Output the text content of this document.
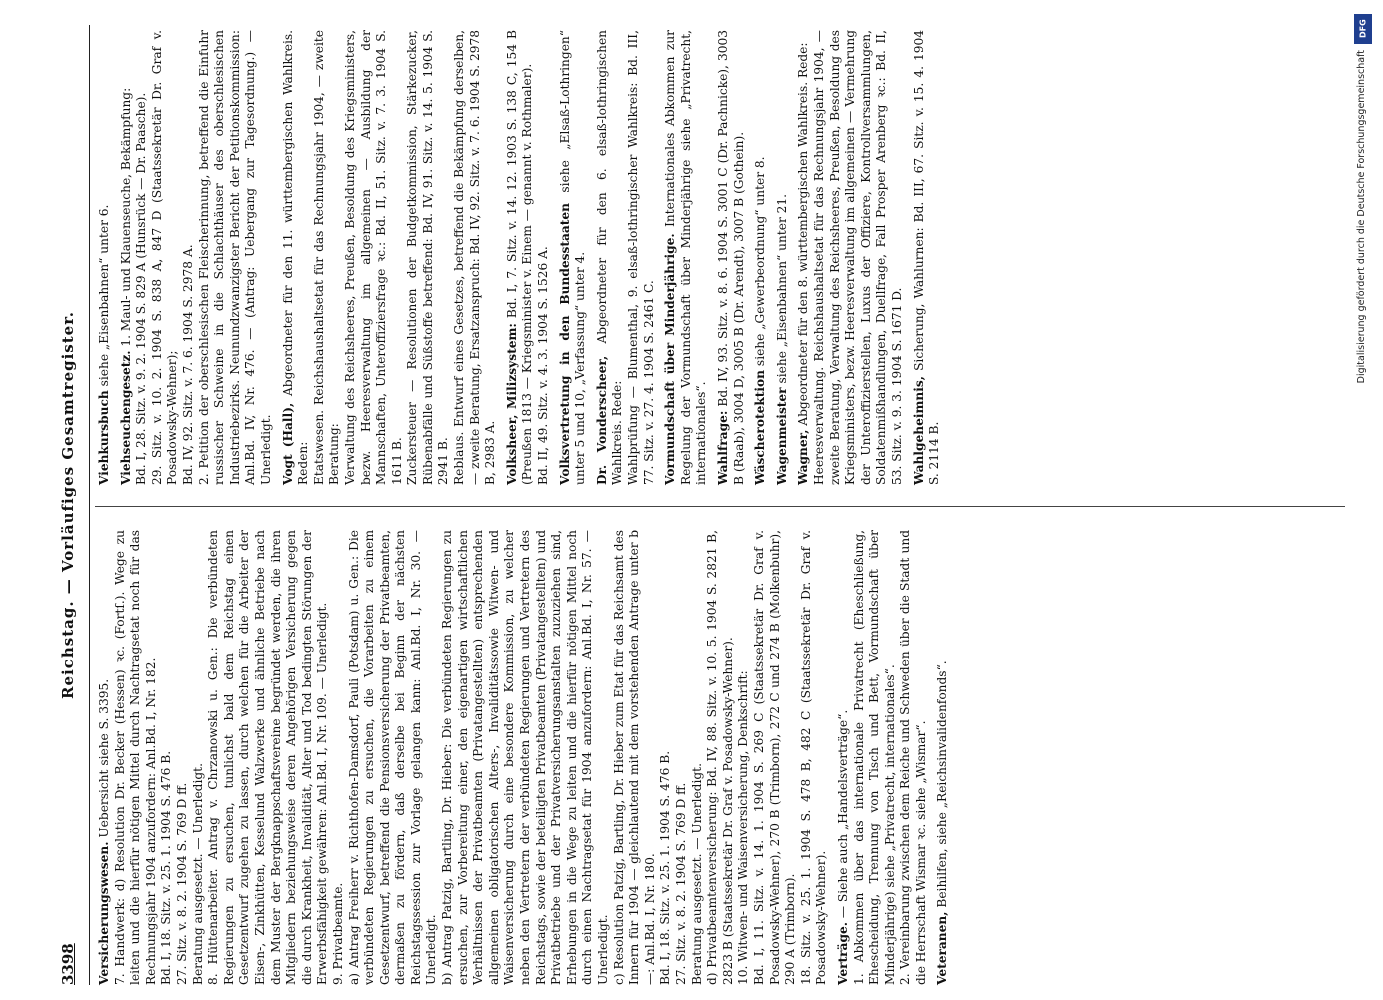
3398
Reichstag. — Vorläufiges Gesamtregister.
Versicherungswesen. Uebersicht siehe S. 3395. 7. Handwerk: d) Resolution Dr. Becker (Hessen) ꝛc. (Fortſ.). Wege zu leiten und die hierfür nötigen Mittel durch Nachtragsetat noch für das Rechnungsjahr 1904 anzufordern: Anl.Bd. I, Nr. 182. Bd. I, 18. Sitz. v. 25. 1. 1904 S. 476 B. 27. Sitz. v. 8. 2. 1904 S. 769 D ff. Beratung ausgesetzt. — Unerledigt. 8. Hüttenarbeiter. Antrag v. Chrzanowski u. Gen.: Die verbündeten Regierungen zu ersuchen, tunlichst bald dem Reichstag einen Gesetzentwurf zugehen zu lassen, durch welchen für die Arbeiter der Eisen-, Zinkhütten, Kesselund Walzwerke und ähnliche Betriebe nach dem Muster der Bergknappschaftsvereine begründet werden, die ihren Mitgliedern beziehungsweise deren Angehörigen Versicherung gegen die durch Krankheit, Invalidität, Alter und Tod bedingten Störungen der Erwerbsfähigkeit gewähren: Anl.Bd. I, Nr. 109. — Unerledigt. 9. Privatbeamte. a) Antrag Freiherr v. Richthofen-Damsdorf, Pauli (Potsdam) u. Gen.: Die verbündeten Regierungen zu ersuchen, die Vorarbeiten zu einem Gesetzentwurf, betreffend die Pensionsversicherung der Privatbeamten, dermaßen zu fördern, daß derselbe bei Beginn der nächsten Reichstagssession zur Vorlage gelangen kann: Anl.Bd. I, Nr. 30. — Unerledigt. b) Antrag Patzig, Bartling, Dr. Hieber: Die verbündeten Regierungen zu ersuchen, zur Vorbereitung einer, den eigenartigen wirtschaftlichen Verhältnissen der Privatbeamten (Privatangestellten) entsprechenden allgemeinen obligatorischen Alters-, Invaliditätssowie Witwen- und Waisenversicherung durch eine besondere Kommission, zu welcher neben den Vertretern der verbündeten Regierungen und Vertretern des Reichstags, sowie der beteiligten Privatbeamten (Privatangestellten) und Privatbetriebe und der Privatversicherungsanstalten zuzuziehen sind, Erhebungen in die Wege zu leiten und die hierfür nötigen Mittel noch durch einen Nachtragsetat für 1904 anzufordern: Anl.Bd. I, Nr. 57. — Unerledigt. c) Resolution Patzig, Bartling, Dr. Hieber zum Etat für das Reichsamt des Innern für 1904 — gleichlautend mit dem vorstehenden Antrage unter b —: Anl.Bd. I, Nr. 180. Bd. I, 18. Sitz. v. 25. 1. 1904 S. 476 B. 27. Sitz. v. 8. 2. 1904 S. 769 D ff. Beratung ausgesetzt. — Unerledigt. d) Privatbeamtenversicherung: Bd. IV, 88. Sitz. v. 10. 5. 1904 S. 2821 B, 2823 B (Staatssekretär Dr. Graf v. Posadowsky-Wehner). 10. Witwen- und Waisenversicherung, Denkschrift: Bd. I, 11. Sitz. v. 14. 1. 1904 S. 269 C (Staatssekretär Dr. Graf v. Posadowsky-Wehner), 270 B (Trimborn), 272 C und 274 B (Molkenbuhr), 290 A (Trimborn). 18. Sitz. v. 25. 1. 1904 S. 478 B, 482 C (Staatssekretär Dr. Graf v. Posadowsky-Wehner). Verträge. — Siehe auch „Handelsverträge“. 1. Abkommen über das internationale Privatrecht (Eheschließung, Ehescheidung, Trennung von Tisch und Bett, Vormundschaft über Minderjährige) siehe „Privatrecht, internationales“. 2. Vereinbarung zwischen dem Reiche und Schweden über die Stadt und die Herrschaft Wismar ꝛc. siehe „Wismar“. Veteranen, Beihilfen, siehe „Reichsinvalidenfonds“.
Viehkursbuch siehe „Eisenbahnen“ unter 6.
Viehseuchengesetz. 1. Maul- und Klauenseuche, Bekämpfung: Bd. I, 28. Sitz. v. 9. 2. 1904 S. 829 A (Hunsrück — Dr. Paasche). 29. Sitz. v. 10. 2. 1904 S. 838 A, 847 D (Staatssekretär Dr. Graf v. Posadowsky-Wehner); Bd. IV, 92. Sitz. v. 7. 6. 1904 S. 2978 A. 2. Petition der oberschlesischen Fleischerinnung, betreffend die Einfuhr russischer Schweine in die Schlachthäuser des oberschlesischen Industriebezirks. Neunundzwanzigster Bericht der Petitionskommission: Anl.Bd. IV, Nr. 476. — (Antrag: Uebergang zur Tagesordnung.) — Unerledigt. Vogt (Hall), Abgeordneter für den 11. württembergischen Wahlkreis. Reden: Etatswesen. Reichshaushaltsetat für das Rechnungsjahr 1904, — zweite Beratung: Verwaltung des Reichsheeres, Preußen, Besoldung des Kriegsministers, bezw. Heeresverwaltung im allgemeinen — Ausbildung der Mannschaften, Unteroffiziersfrage ꝛc.: Bd. II, 51. Sitz. v. 7. 3. 1904 S. 1611 B. Zuckersteuer — Resolutionen der Budgetkommission, Stärkezucker, Rübenabfälle und Süßstoffe betreffend: Bd. IV, 91. Sitz. v. 14. 5. 1904 S. 2941 B. Reblaus. Entwurf eines Gesetzes, betreffend die Bekämpfung derselben, — zweite Beratung, Ersatzanspruch: Bd. IV, 92. Sitz. v. 7. 6. 1904 S. 2978 B, 2983 A. Volksheer, Milizsystem: Bd. I, 7. Sitz. v. 14. 12. 1903 S. 138 C, 154 B (Preußen 1813 — Kriegsminister v. Einem — genannt v. Rothmaler). Bd. II, 49. Sitz. v. 4. 3. 1904 S. 1526 A. Volksvertretung in den Bundesstaaten siehe „Elsaß-Lothringen“ unter 5 und 10, „Verfassung“ unter 4. Dr. Vonderscheer, Abgeordneter für den 6. elsaß-lothringischen Wahlkreis. Rede: Wahlprüfung — Blumenthal, 9. elsaß-lothringischer Wahlkreis: Bd. III, 77. Sitz. v. 27. 4. 1904 S. 2461 C. Vormundschaft über Minderjährige. Internationales Abkommen zur Regelung der Vormundschaft über Minderjährige siehe „Privatrecht, internationales“. Wahlfrage: Bd. IV, 93. Sitz. v. 8. 6. 1904 S. 3001 C (Dr. Pachnicke), 3003 B (Raab), 3004 D, 3005 B (Dr. Arendt), 3007 B (Gothein). Wäscherotektion siehe „Gewerbeordnung“ unter 8.
Wagenmeister siehe „Eisenbahnen“ unter 21.
Wagner, Abgeordneter für den 8. württembergischen Wahlkreis. Rede: Heeresverwaltung. Reichshaushaltsetat für das Rechnungsjahr 1904, — zweite Beratung, Verwaltung des Reichsheeres, Preußen, Besoldung des Kriegsministers, bezw. Heeresverwaltung im allgemeinen — Vermehrung der Unteroffizierstellen, Luxus der Offiziere, Kontrollversammlungen, Soldatenmißhandlungen, Duellfrage, Fall Prosper Arenberg ꝛc.: Bd. II, 53. Sitz. v. 9. 3. 1904 S. 1671 D. Wahlgeheimnis, Sicherung, Wahlurnen: Bd. III, 67. Sitz. v. 15. 4. 1904 S. 2114 B.
DFG
Digitalisierung gefördert durch die Deutsche Forschungsgemeinschaft
